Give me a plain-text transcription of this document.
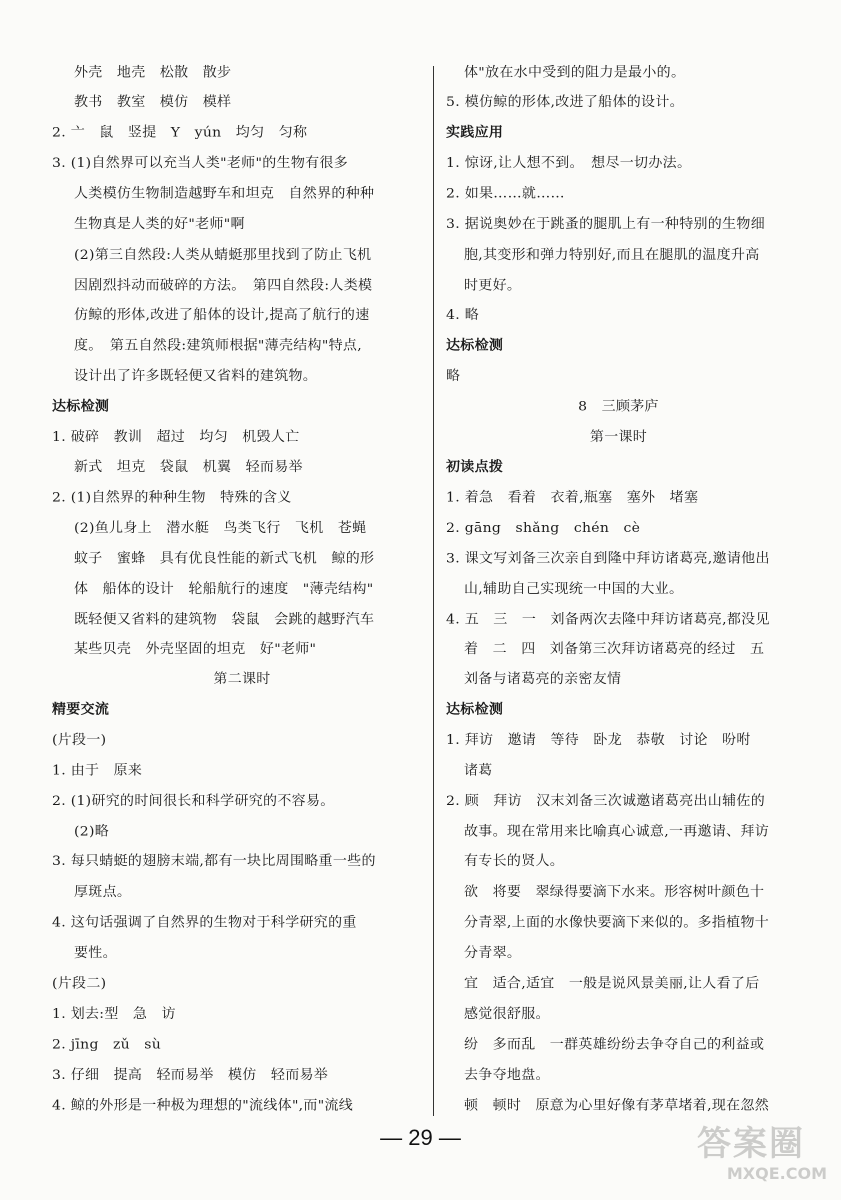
外壳　地壳　松散　散步
教书　教室　模仿　模样
2. 亠　鼠　竖提　Y　yún　均匀　匀称
3. (1)自然界可以充当人类"老师"的生物有很多
人类模仿生物制造越野车和坦克　自然界的种种
生物真是人类的好"老师"啊
(2)第三自然段:人类从蜻蜓那里找到了防止飞机
因剧烈抖动而破碎的方法。　第四自然段:人类模
仿鲸的形体,改进了船体的设计,提高了航行的速
度。　第五自然段:建筑师根据"薄壳结构"特点,
设计出了许多既轻便又省料的建筑物。
达标检测
1. 破碎　教训　超过　均匀　机毁人亡
新式　坦克　袋鼠　机翼　轻而易举
2. (1)自然界的种种生物　特殊的含义
(2)鱼儿身上　潜水艇　鸟类飞行　飞机　苍蝇
蚊子　蜜蜂　具有优良性能的新式飞机　鲸的形
体　船体的设计　轮船航行的速度　"薄壳结构"
既轻便又省料的建筑物　袋鼠　会跳的越野汽车
某些贝壳　外壳坚固的坦克　好"老师"
第二课时
精要交流
(片段一)
1. 由于　原来
2. (1)研究的时间很长和科学研究的不容易。
(2)略
3. 每只蜻蜓的翅膀末端,都有一块比周围略重一些的
厚斑点。
4. 这句话强调了自然界的生物对于科学研究的重
要性。
(片段二)
1. 划去:型　急　访
2. jīng　zǔ　sù
3. 仔细　提高　轻而易举　模仿　轻而易举
4. 鲸的外形是一种极为理想的"流线体",而"流线
体"放在水中受到的阻力是最小的。
5. 模仿鲸的形体,改进了船体的设计。
实践应用
1. 惊讶,让人想不到。　想尽一切办法。
2. 如果……就……
3. 据说奥妙在于跳蚤的腿肌上有一种特别的生物细
胞,其变形和弹力特别好,而且在腿肌的温度升高
时更好。
4. 略
达标检测
略
8　三顾茅庐
第一课时
初读点拨
1. 着急　看着　衣着,瓶塞　塞外　堵塞
2. gāng　shǎng　chén　cè
3. 课文写刘备三次亲自到隆中拜访诸葛亮,邀请他出
山,辅助自己实现统一中国的大业。
4. 五　三　一　刘备两次去隆中拜访诸葛亮,都没见
着　二　四　刘备第三次拜访诸葛亮的经过　五
刘备与诸葛亮的亲密友情
达标检测
1. 拜访　邀请　等待　卧龙　恭敬　讨论　吩咐
诸葛
2. 顾　拜访　汉末刘备三次诚邀诸葛亮出山辅佐的
故事。现在常用来比喻真心诚意,一再邀请、拜访
有专长的贤人。
欲　将要　翠绿得要滴下水来。形容树叶颜色十
分青翠,上面的水像快要滴下来似的。多指植物十
分青翠。
宜　适合,适宜　一般是说风景美丽,让人看了后
感觉很舒服。
纷　多而乱　一群英雄纷纷去争夺自己的利益或
去争夺地盘。
顿　顿时　原意为心里好像有茅草堵着,现在忽然
— 29 —	答案圈
MXQE.COM
